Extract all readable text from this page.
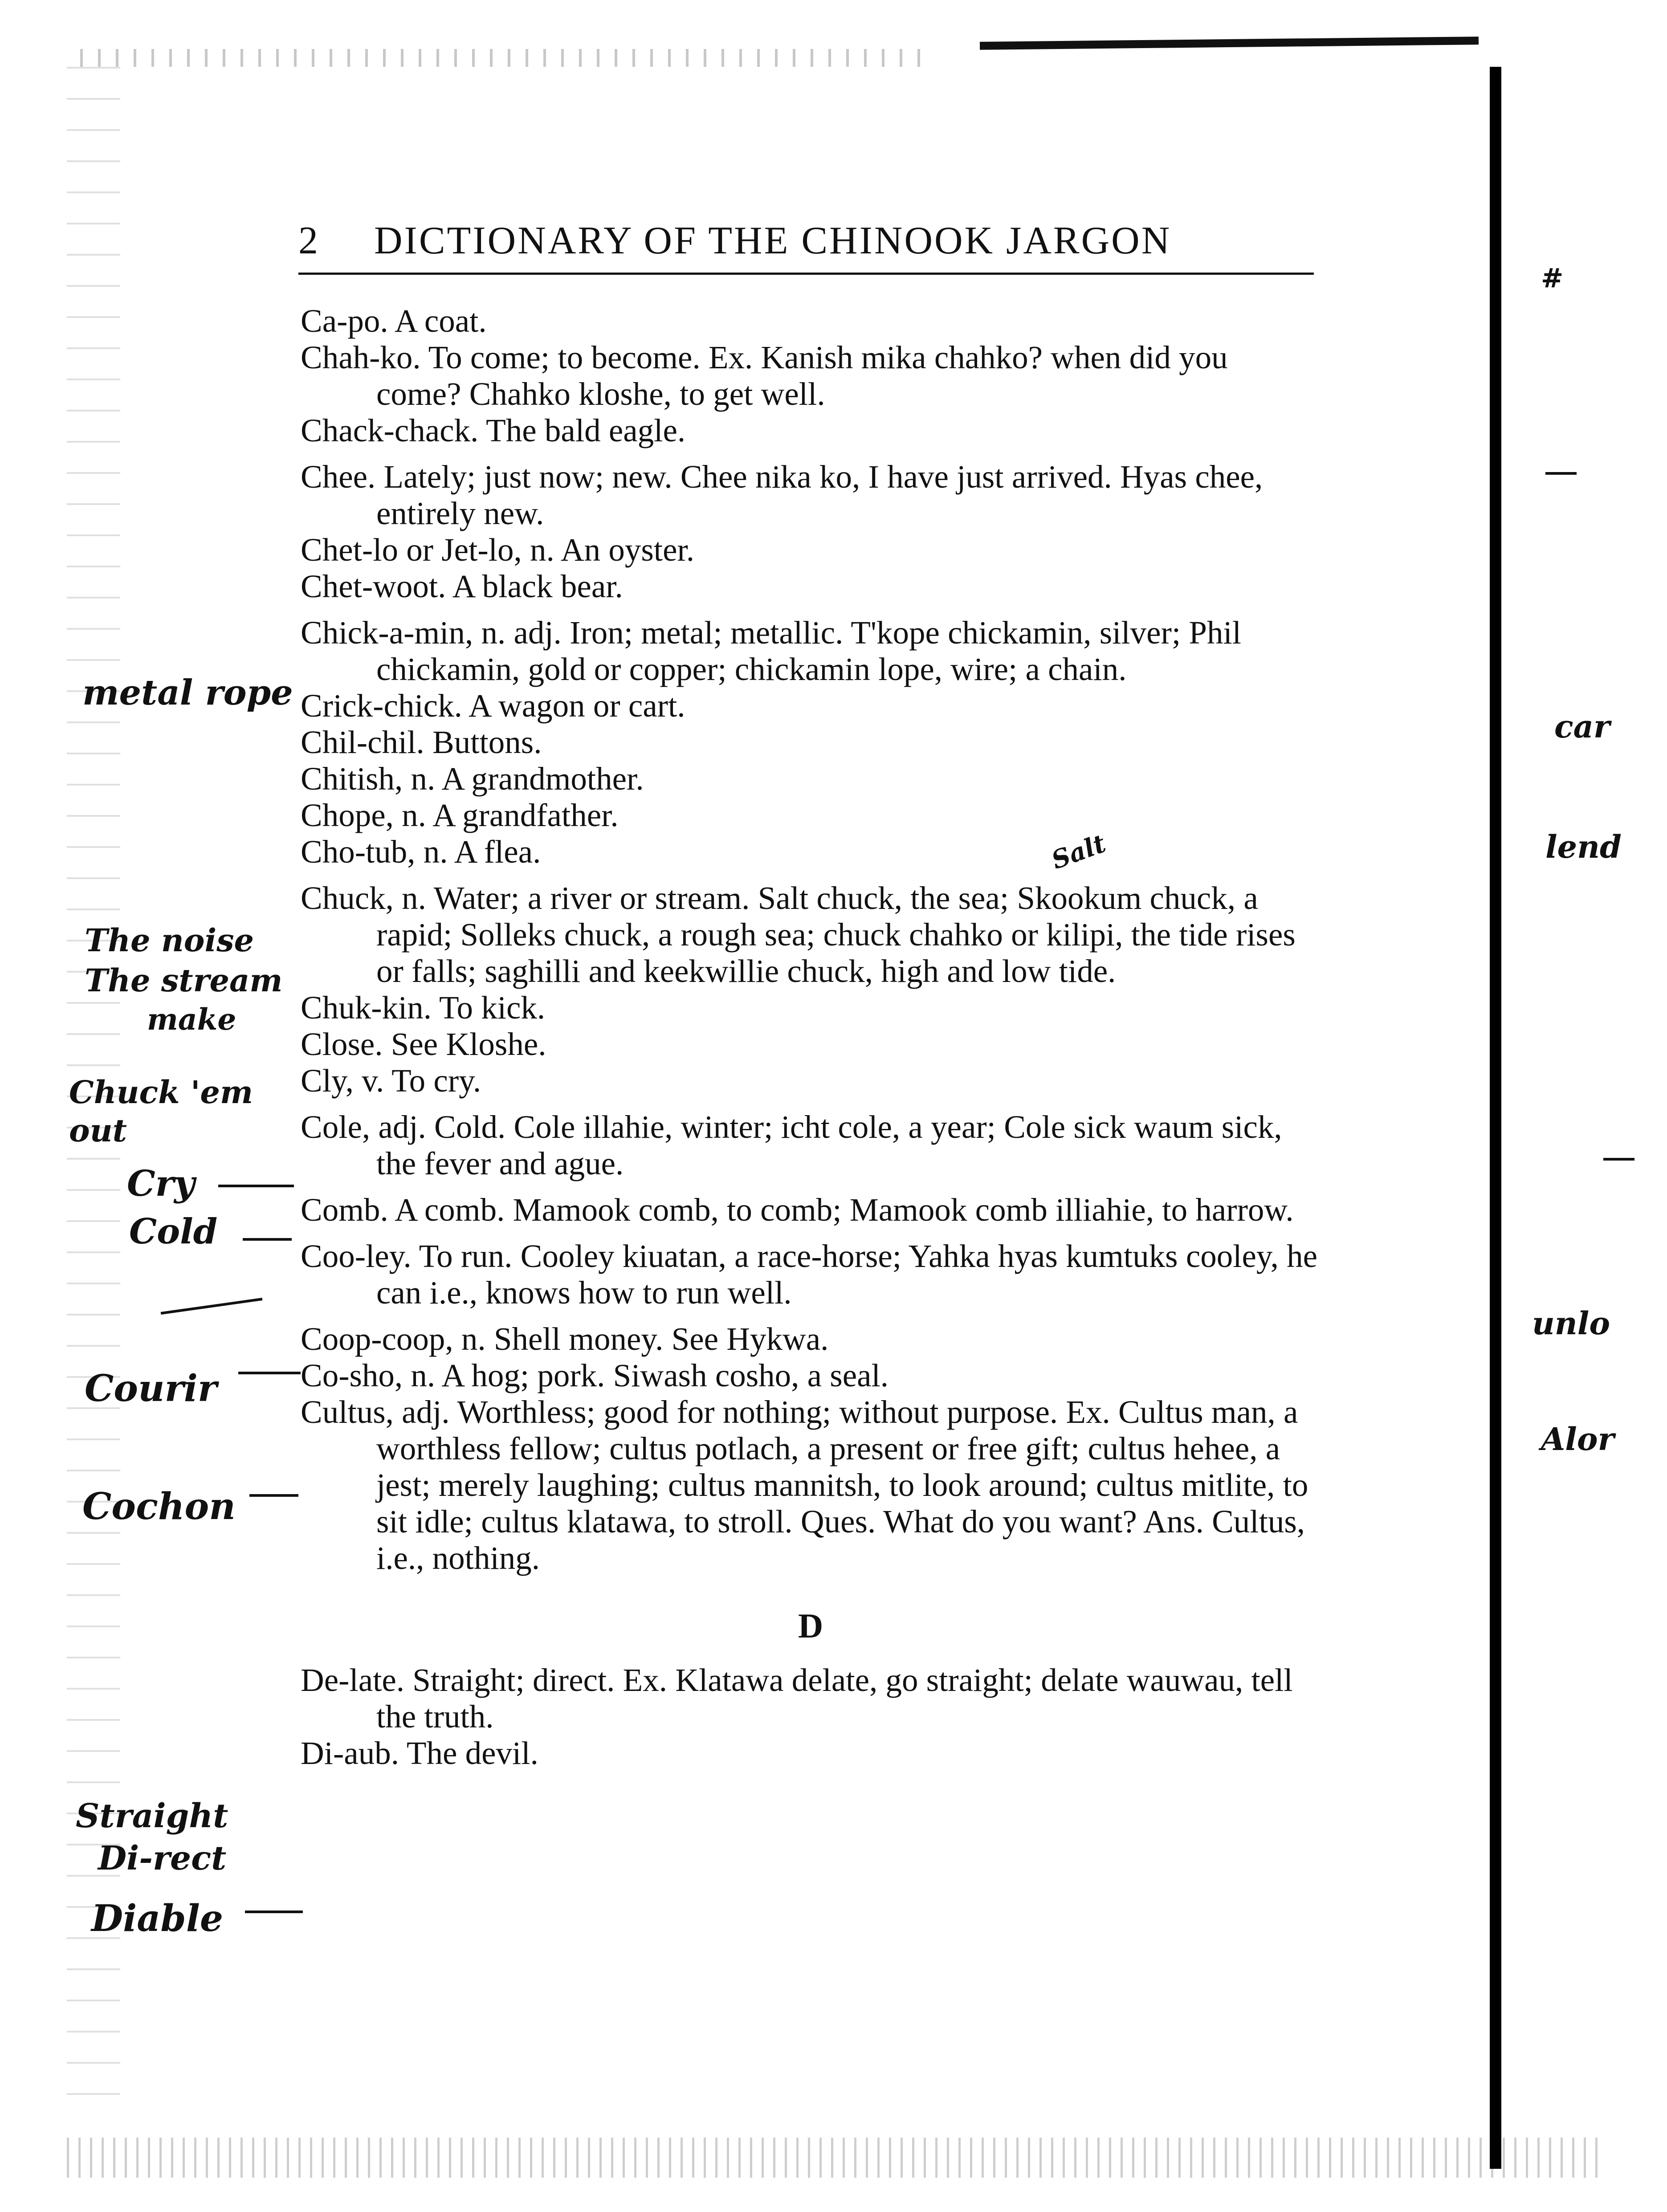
2 DICTIONARY OF THE CHINOOK JARGON

Ca-po. A coat.

Chah-ko. To come; to become. Ex. Kanish mika chahko? when did you come? Chahko kloshe, to get well.

Chack-chack. The bald eagle.

Chee. Lately; just now; new. Chee nika ko, I have just arrived. Hyas chee, entirely new.

Chet-lo or Jet-lo, n. An oyster.

Chet-woot. A black bear.

Chick-a-min, n. adj. Iron; metal; metallic. T'kope chickamin, silver; Phil chickamin, gold or copper; chickamin lope, wire; a chain.

Crick-chick. A wagon or cart.

Chil-chil. Buttons.

Chitish, n. A grandmother.

Chope, n. A grandfather.

Cho-tub, n. A flea.

Chuck, n. Water; a river or stream. Salt chuck, the sea; Skookum chuck, a rapid; Solleks chuck, a rough sea; chuck chahko or kilipi, the tide rises or falls; saghilli and keekwillie chuck, high and low tide.

Chuk-kin. To kick.

Close. See Kloshe.

Cly, v. To cry.

Cole, adj. Cold. Cole illahie, winter; icht cole, a year; Cole sick waum sick, the fever and ague.

Comb. A comb. Mamook comb, to comb; Mamook comb illiahie, to harrow.

Coo-ley. To run. Cooley kiuatan, a race-horse; Yahka hyas kumtuks cooley, he can i.e., knows how to run well.

Coop-coop, n. Shell money. See Hykwa.

Co-sho, n. A hog; pork. Siwash cosho, a seal.

Cultus, adj. Worthless; good for nothing; without purpose. Ex. Cultus man, a worthless fellow; cultus potlach, a present or free gift; cultus hehee, a jest; merely laughing; cultus mannitsh, to look around; cultus mitlite, to sit idle; cultus klatawa, to stroll. Ques. What do you want? Ans. Cultus, i.e., nothing.

D

De-late. Straight; direct. Ex. Klatawa delate, go straight; delate wauwau, tell the truth.

Di-aub. The devil.

metal rope
Salt
The noise
The stream
make
Chuck 'em out
Cry
Cold
Courir
Cochon
Straight
Di-rect
Diable
#
car
lend
unlo
Alor
